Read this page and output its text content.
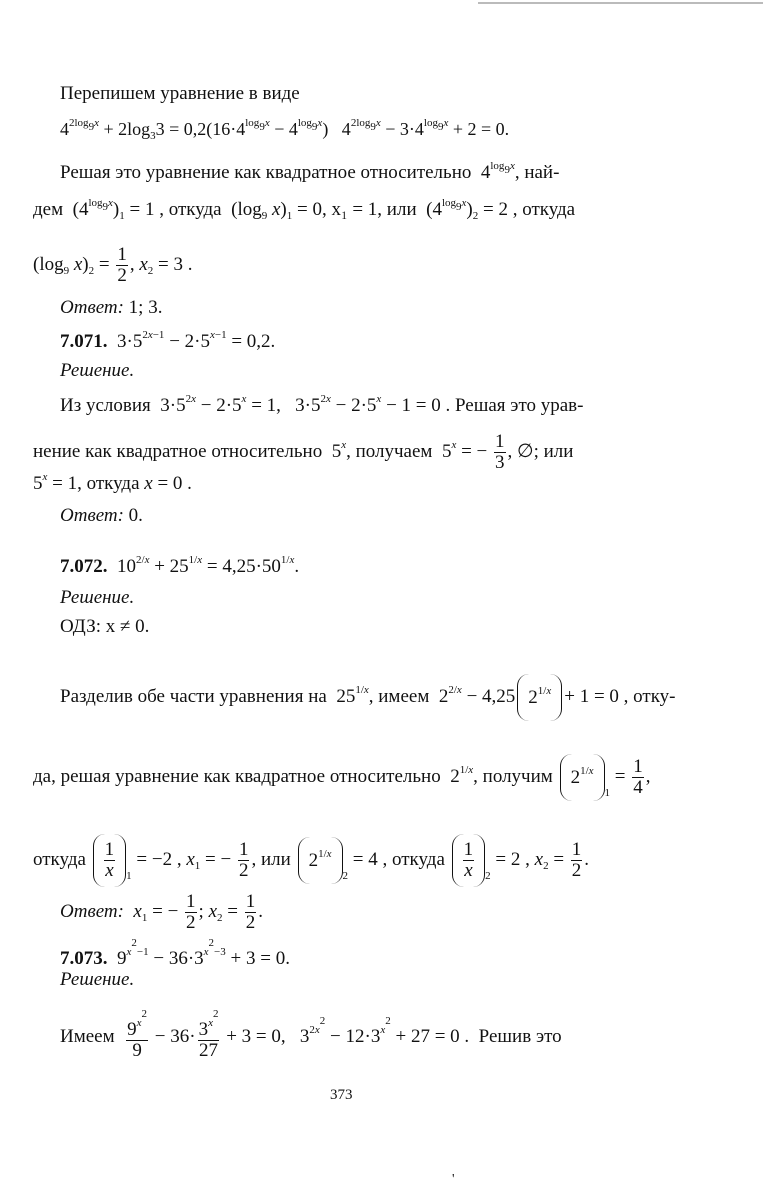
Перепишем уравнение в виде
$4^{2log_9x} + 2\log_33 = 0,2(16\cdot 4^{log_9x} - 4^{log_9x}) 4^{2log_9x} - 3\cdot 4^{log_9x} + 2 = 0$.
Решая это уравнение как квадратное относительно  $4^{log_9x}$, най-
дем  $(4^{log_9x})_1 = 1$ , откуда  ($\log_9$ $x)_1 = 0$, x₁ = 1, или  $(4^{log_9x})_2 = 2$ , откуда
($\log_9$ $x)_2 = \frac{1}{2}$ , $x_2 = 3$ .
Ответ: 1; 3.
7.071.  $3\cdot 5^{2x-1} - 2\cdot 5^{x-1} = 0,2$.
Решение.
Из условия  $3\cdot 5^{2x} - 2\cdot 5^x = 1$,   $3\cdot 5^{2x} - 2\cdot 5^x - 1 = 0$ . Решая это урав-
нение как квадратное относительно  5$^x$, получаем  $5^x$ = − $\frac{1}{3}$ , ∅; или
$5^x = 1$, откуда x = 0 .
Ответ: 0.
7.072.  $10^{2/x} + 25^{1/x} = 4,25\cdot 50^{1/x}$.
Решение.
ОДЗ: x ≠ 0.
Разделив обе части уравнения на  $25^{1/x}$, имеем  $2^{2/x} - 4,25$ $2^{1/x} + 1 = 0$ , отку-
да, решая уравнение как квадратное относительно  $2^{1/x}$, получим $2^{1/x}_1 = \frac{1}{4}$ ,
откуда $\frac{1}{x} _1 = -2$ , $x_1$ = − $\frac{1}{2}$ , или $2^{1/x}_2 = 4$ , откуда $\frac{1}{x} _2 = 2$ , $x_2 = \frac{1}{2}$ .
Ответ: $x_1$ = − $\frac{1}{2}$ ; $x_2 = \frac{1}{2}$ .
7.073.  $9^{x^2-1} - 36\cdot 3^{x^2-3} + 3 = 0$.
Решение.
Имеем $\frac{9^{x^2}}{9} - 36\cdot \frac{3^{x^2}}{27} + 3 = 0$,   $3^{2x^2} - 12\cdot 3^{x^2} + 27 = 0$ .  Решив это
373
'
